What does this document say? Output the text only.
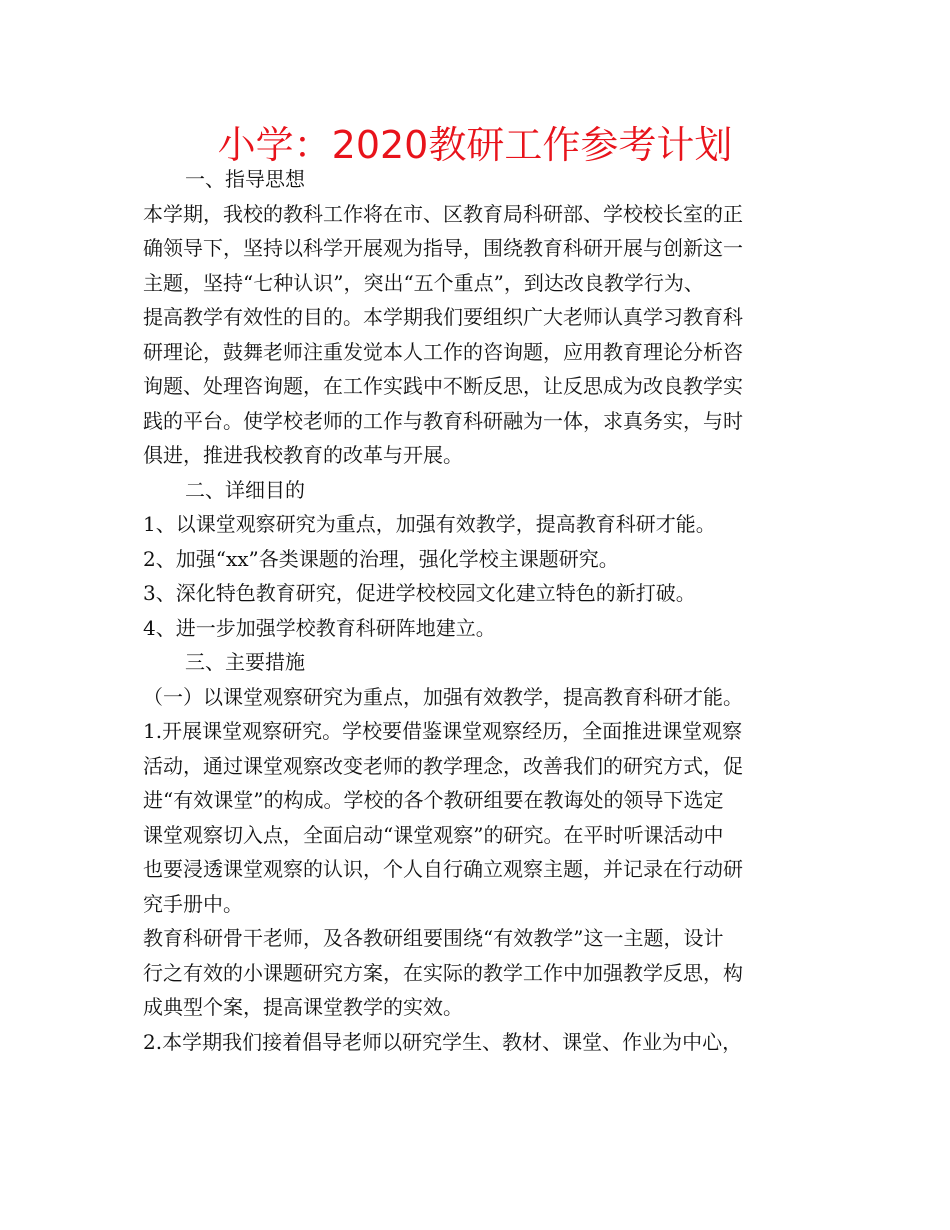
小学：2020教研工作参考计划
一、指导思想
本学期，我校的教科工作将在市、区教育局科研部、学校校长室的正
确领导下，坚持以科学开展观为指导，围绕教育科研开展与创新这一
主题，坚持“七种认识”，突出“五个重点”，到达改良教学行为、
提高教学有效性的目的。本学期我们要组织广大老师认真学习教育科
研理论，鼓舞老师注重发觉本人工作的咨询题，应用教育理论分析咨
询题、处理咨询题，在工作实践中不断反思，让反思成为改良教学实
践的平台。使学校老师的工作与教育科研融为一体，求真务实，与时
俱进，推进我校教育的改革与开展。
二、详细目的
1、以课堂观察研究为重点，加强有效教学，提高教育科研才能。
2、加强“xx”各类课题的治理，强化学校主课题研究。
3、深化特色教育研究，促进学校校园文化建立特色的新打破。
4、进一步加强学校教育科研阵地建立。
三、主要措施
（一）以课堂观察研究为重点，加强有效教学，提高教育科研才能。
1.开展课堂观察研究。学校要借鉴课堂观察经历，全面推进课堂观察
活动，通过课堂观察改变老师的教学理念，改善我们的研究方式，促
进“有效课堂”的构成。学校的各个教研组要在教诲处的领导下选定
课堂观察切入点，全面启动“课堂观察”的研究。在平时听课活动中
也要浸透课堂观察的认识，个人自行确立观察主题，并记录在行动研
究手册中。
教育科研骨干老师，及各教研组要围绕“有效教学”这一主题，设计
行之有效的小课题研究方案，在实际的教学工作中加强教学反思，构
成典型个案，提高课堂教学的实效。
2.本学期我们接着倡导老师以研究学生、教材、课堂、作业为中心，
